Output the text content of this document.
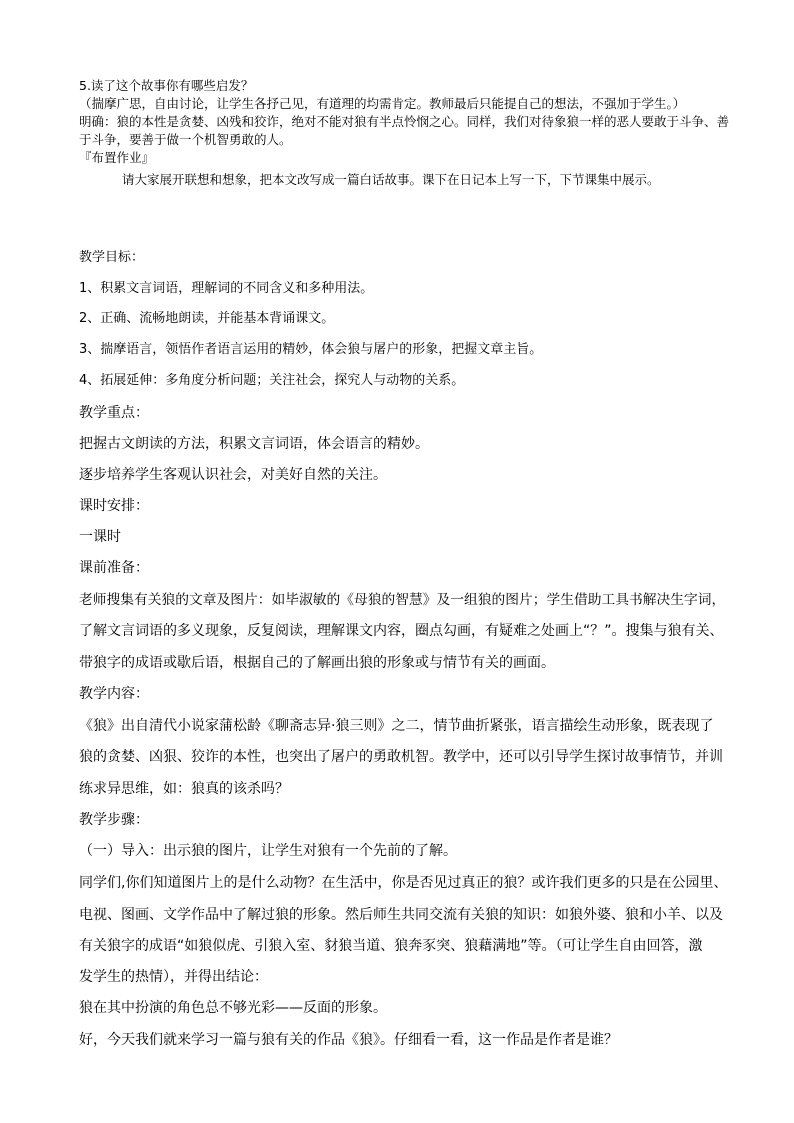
5.读了这个故事你有哪些启发？

（揣摩广思，自由讨论，让学生各抒己见，有道理的均需肯定。教师最后只能提自己的想法，不强加于学生。）

明确：狼的本性是贪婪、凶残和狡诈，绝对不能对狼有半点怜悯之心。同样，我们对待象狼一样的恶人要敢于斗争、善于斗争，要善于做一个机智勇敢的人。

『布置作业』

请大家展开联想和想象，把本文改写成一篇白话故事。课下在日记本上写一下，下节课集中展示。

教学目标：

1、积累文言词语，理解词的不同含义和多种用法。

2、正确、流畅地朗读，并能基本背诵课文。

3、揣摩语言，领悟作者语言运用的精妙，体会狼与屠户的形象，把握文章主旨。

4、拓展延伸：多角度分析问题；关注社会，探究人与动物的关系。

教学重点：

把握古文朗读的方法，积累文言词语，体会语言的精妙。

逐步培养学生客观认识社会，对美好自然的关注。

课时安排：

一课时

课前准备：

老师搜集有关狼的文章及图片：如毕淑敏的《母狼的智慧》及一组狼的图片；学生借助工具书解决生字词，

了解文言词语的多义现象，反复阅读，理解课文内容，圈点勾画，有疑难之处画上“？”。搜集与狼有关、

带狼字的成语或歇后语，根据自己的了解画出狼的形象或与情节有关的画面。

教学内容：

《狼》出自清代小说家蒲松龄《聊斋志异·狼三则》之二，情节曲折紧张，语言描绘生动形象，既表现了

狼的贪婪、凶狠、狡诈的本性，也突出了屠户的勇敢机智。教学中，还可以引导学生探讨故事情节，并训

练求异思维，如：狼真的该杀吗？

教学步骤：

（一）导入：出示狼的图片，让学生对狼有一个先前的了解。

同学们,你们知道图片上的是什么动物？在生活中，你是否见过真正的狼？或许我们更多的只是在公园里、

电视、图画、文学作品中了解过狼的形象。然后师生共同交流有关狼的知识：如狼外婆、狼和小羊、以及

有关狼字的成语“如狼似虎、引狼入室、豺狼当道、狼奔豕突、狼藉满地”等。（可让学生自由回答，激

发学生的热情），并得出结论：

狼在其中扮演的角色总不够光彩——反面的形象。

好，今天我们就来学习一篇与狼有关的作品《狼》。仔细看一看，这一作品是作者是谁？
